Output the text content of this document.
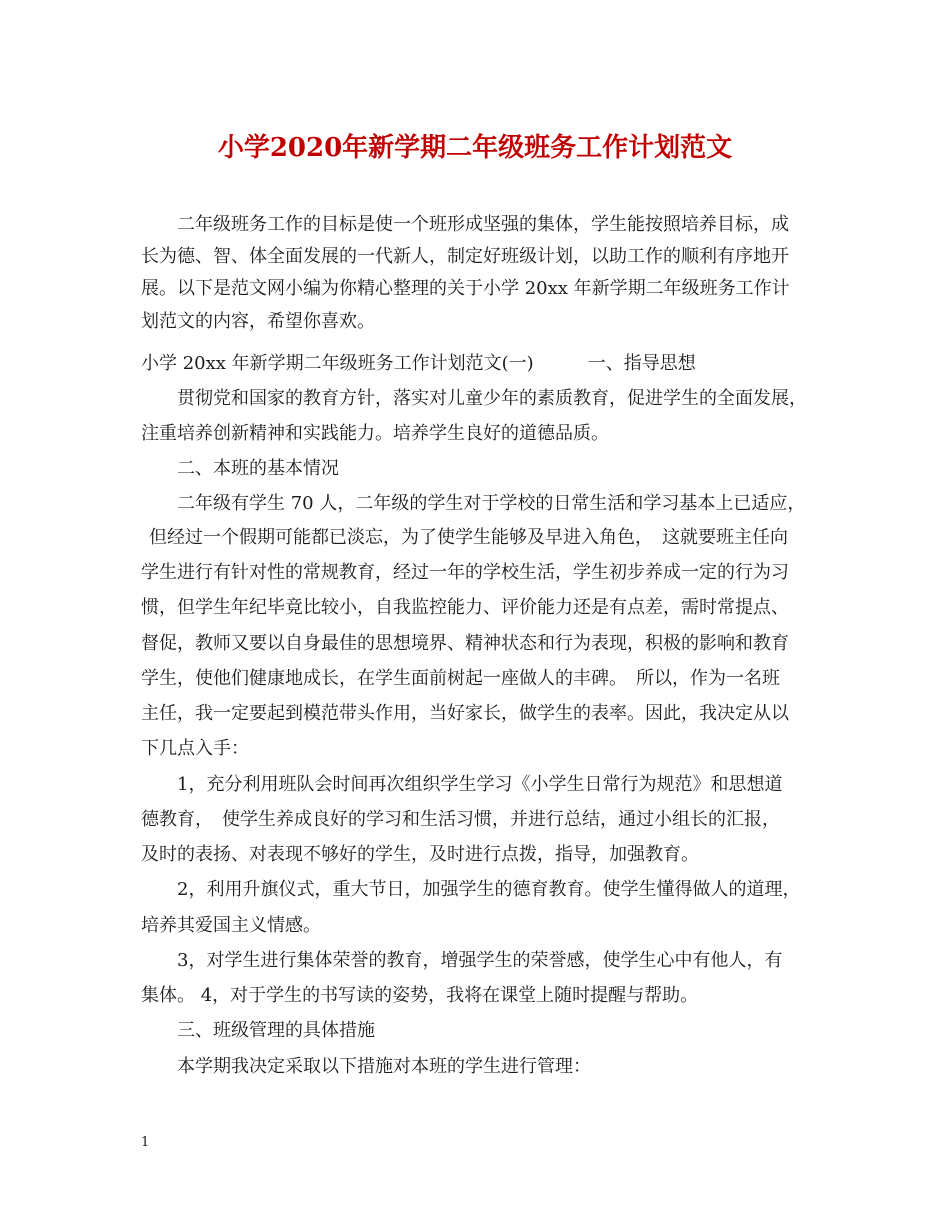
小学2020年新学期二年级班务工作计划范文

二年级班务工作的目标是使一个班形成坚强的集体，学生能按照培养目标，成

长为德、智、体全面发展的一代新人，制定好班级计划，以助工作的顺利有序地开

展。以下是范文网小编为你精心整理的关于小学 20xx 年新学期二年级班务工作计

划范文的内容，希望你喜欢。

小学 20xx 年新学期二年级班务工作计划范文(一)　　　一、指导思想

贯彻党和国家的教育方针，落实对儿童少年的素质教育，促进学生的全面发展，

注重培养创新精神和实践能力。培养学生良好的道德品质。

二、本班的基本情况

二年级有学生 70 人，二年级的学生对于学校的日常生活和学习基本上已适应，

但经过一个假期可能都已淡忘，为了使学生能够及早进入角色，　这就要班主任向

学生进行有针对性的常规教育，经过一年的学校生活，学生初步养成一定的行为习

惯，但学生年纪毕竟比较小，自我监控能力、评价能力还是有点差，需时常提点、

督促，教师又要以自身最佳的思想境界、精神状态和行为表现，积极的影响和教育

学生，使他们健康地成长，在学生面前树起一座做人的丰碑。　所以，作为一名班

主任，我一定要起到模范带头作用，当好家长，做学生的表率。因此，我决定从以

下几点入手：

1，充分利用班队会时间再次组织学生学习《小学生日常行为规范》和思想道

德教育，　使学生养成良好的学习和生活习惯，并进行总结，通过小组长的汇报，

及时的表扬、对表现不够好的学生，及时进行点拨，指导，加强教育。

2，利用升旗仪式，重大节日，加强学生的德育教育。使学生懂得做人的道理，

培养其爱国主义情感。

3，对学生进行集体荣誉的教育，增强学生的荣誉感，使学生心中有他人，有

集体。 4，对于学生的书写读的姿势，我将在课堂上随时提醒与帮助。

三、班级管理的具体措施

本学期我决定采取以下措施对本班的学生进行管理：

1
